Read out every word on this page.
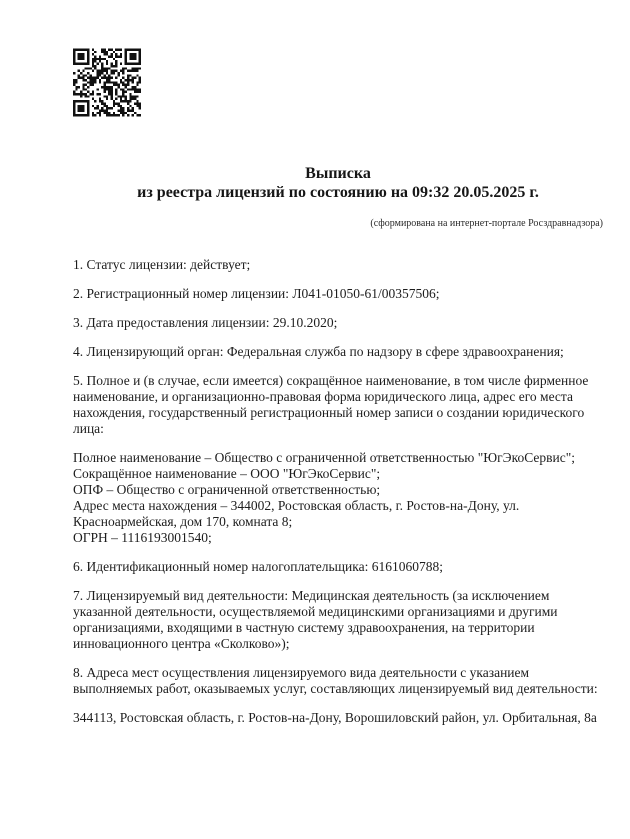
Выписка
из реестра лицензий по состоянию на 09:32 20.05.2025 г.
(сформирована на интернет-портале Росздравнадзора)

1. Статус лицензии: действует;

2. Регистрационный номер лицензии: Л041-01050-61/00357506;

3. Дата предоставления лицензии: 29.10.2020;

4. Лицензирующий орган: Федеральная служба по надзору в сфере здравоохранения;

5. Полное и (в случае, если имеется) сокращённое наименование, в том числе фирменное наименование, и организационно-правовая форма юридического лица, адрес его места нахождения, государственный регистрационный номер записи о создании юридического лица:

Полное наименование – Общество с ограниченной ответственностью "ЮгЭкоСервис";
Сокращённое наименование – ООО "ЮгЭкоСервис";
ОПФ – Общество с ограниченной ответственностью;
Адрес места нахождения – 344002, Ростовская область, г. Ростов-на-Дону, ул. Красноармейская, дом 170, комната 8;
ОГРН – 1116193001540;

6. Идентификационный номер налогоплательщика: 6161060788;

7. Лицензируемый вид деятельности: Медицинская деятельность (за исключением указанной деятельности, осуществляемой медицинскими организациями и другими организациями, входящими в частную систему здравоохранения, на территории инновационного центра «Сколково»);

8. Адреса мест осуществления лицензируемого вида деятельности с указанием выполняемых работ, оказываемых услуг, составляющих лицензируемый вид деятельности:

344113, Ростовская область, г. Ростов-на-Дону, Ворошиловский район, ул. Орбитальная, 8а
